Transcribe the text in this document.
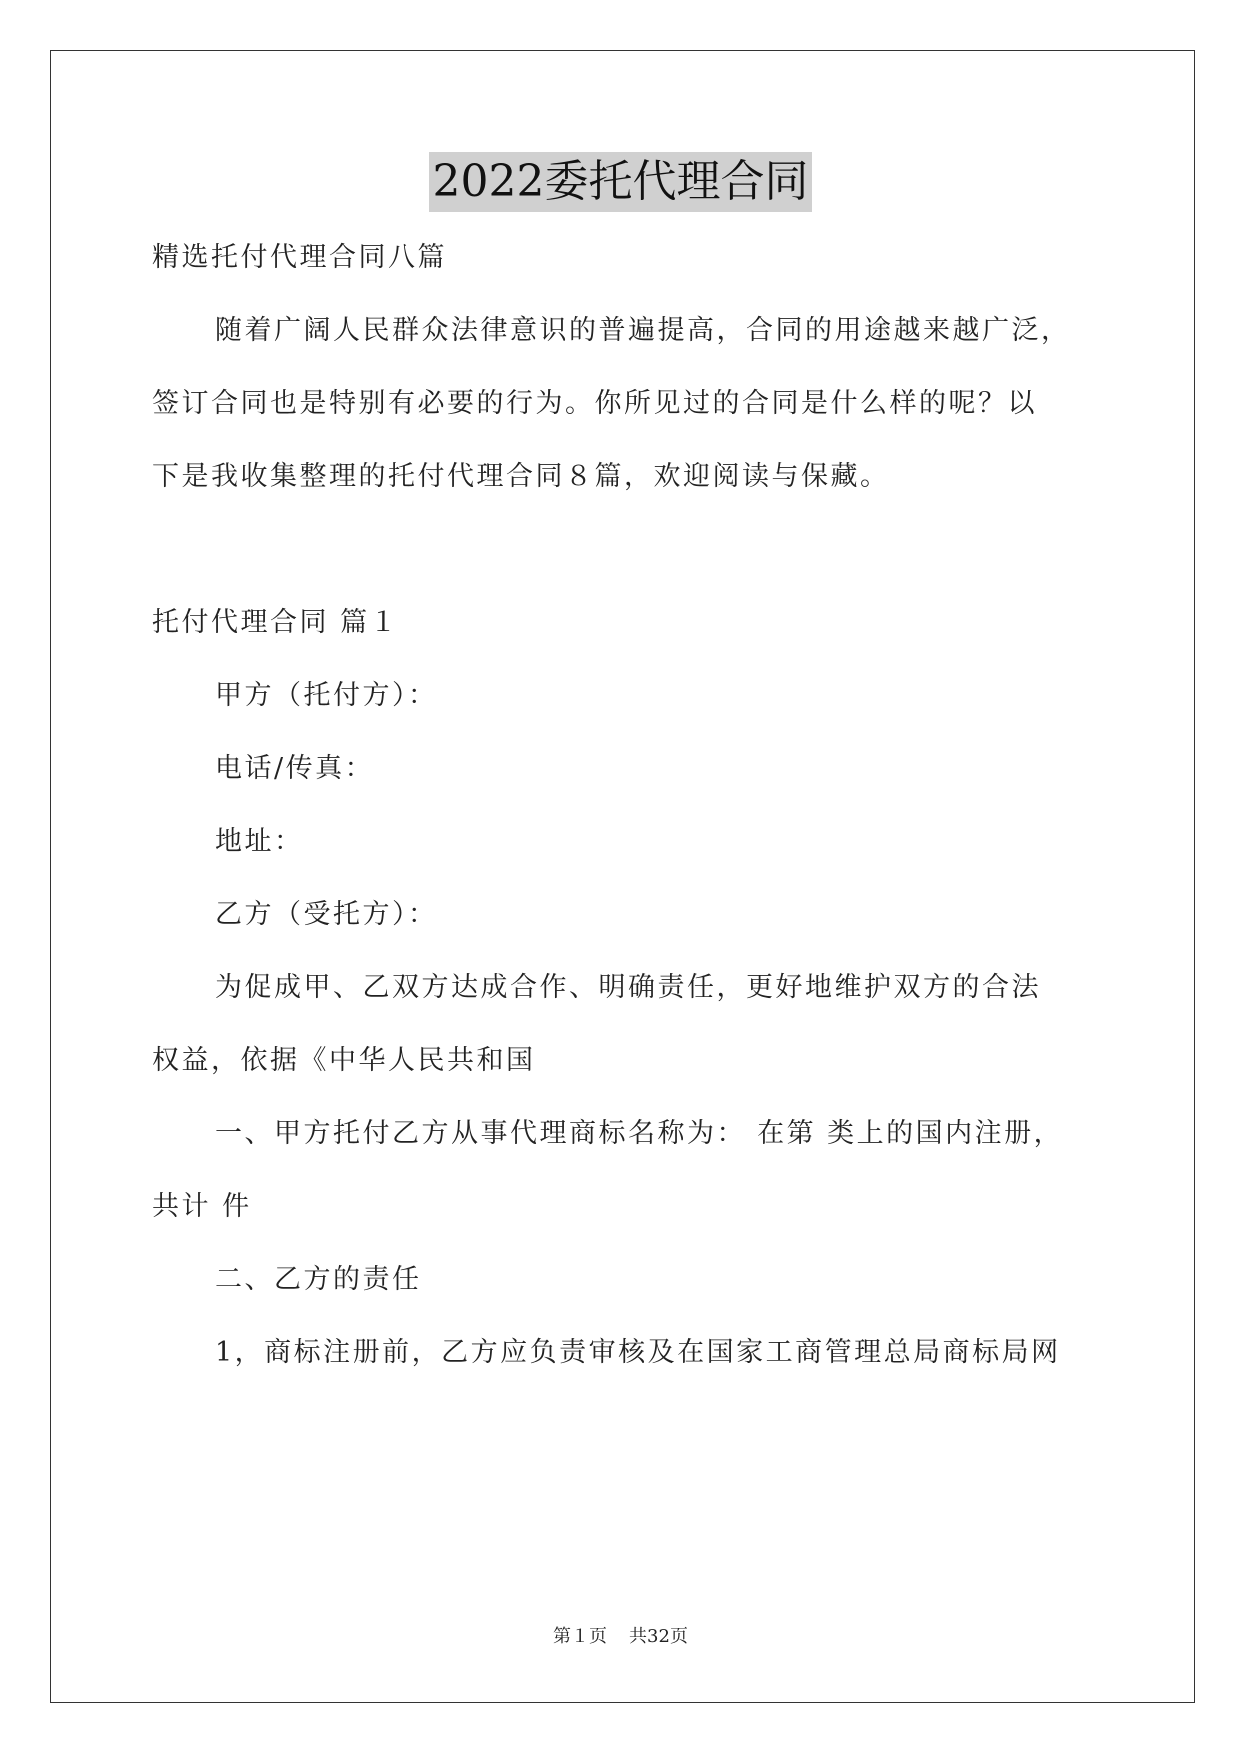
2022委托代理合同
精选托付代理合同八篇
随着广阔人民群众法律意识的普遍提高，合同的用途越来越广泛，
签订合同也是特别有必要的行为。你所见过的合同是什么样的呢？以
下是我收集整理的托付代理合同８篇，欢迎阅读与保藏。
托付代理合同 篇１
甲方（托付方）：
电话/传真：
地址：
乙方（受托方）：
为促成甲、乙双方达成合作、明确责任，更好地维护双方的合法
权益，依据《中华人民共和国
一、甲方托付乙方从事代理商标名称为： 在第 类上的国内注册，
共计 件
二、乙方的责任
1，商标注册前，乙方应负责审核及在国家工商管理总局商标局网
第１页 共32页
